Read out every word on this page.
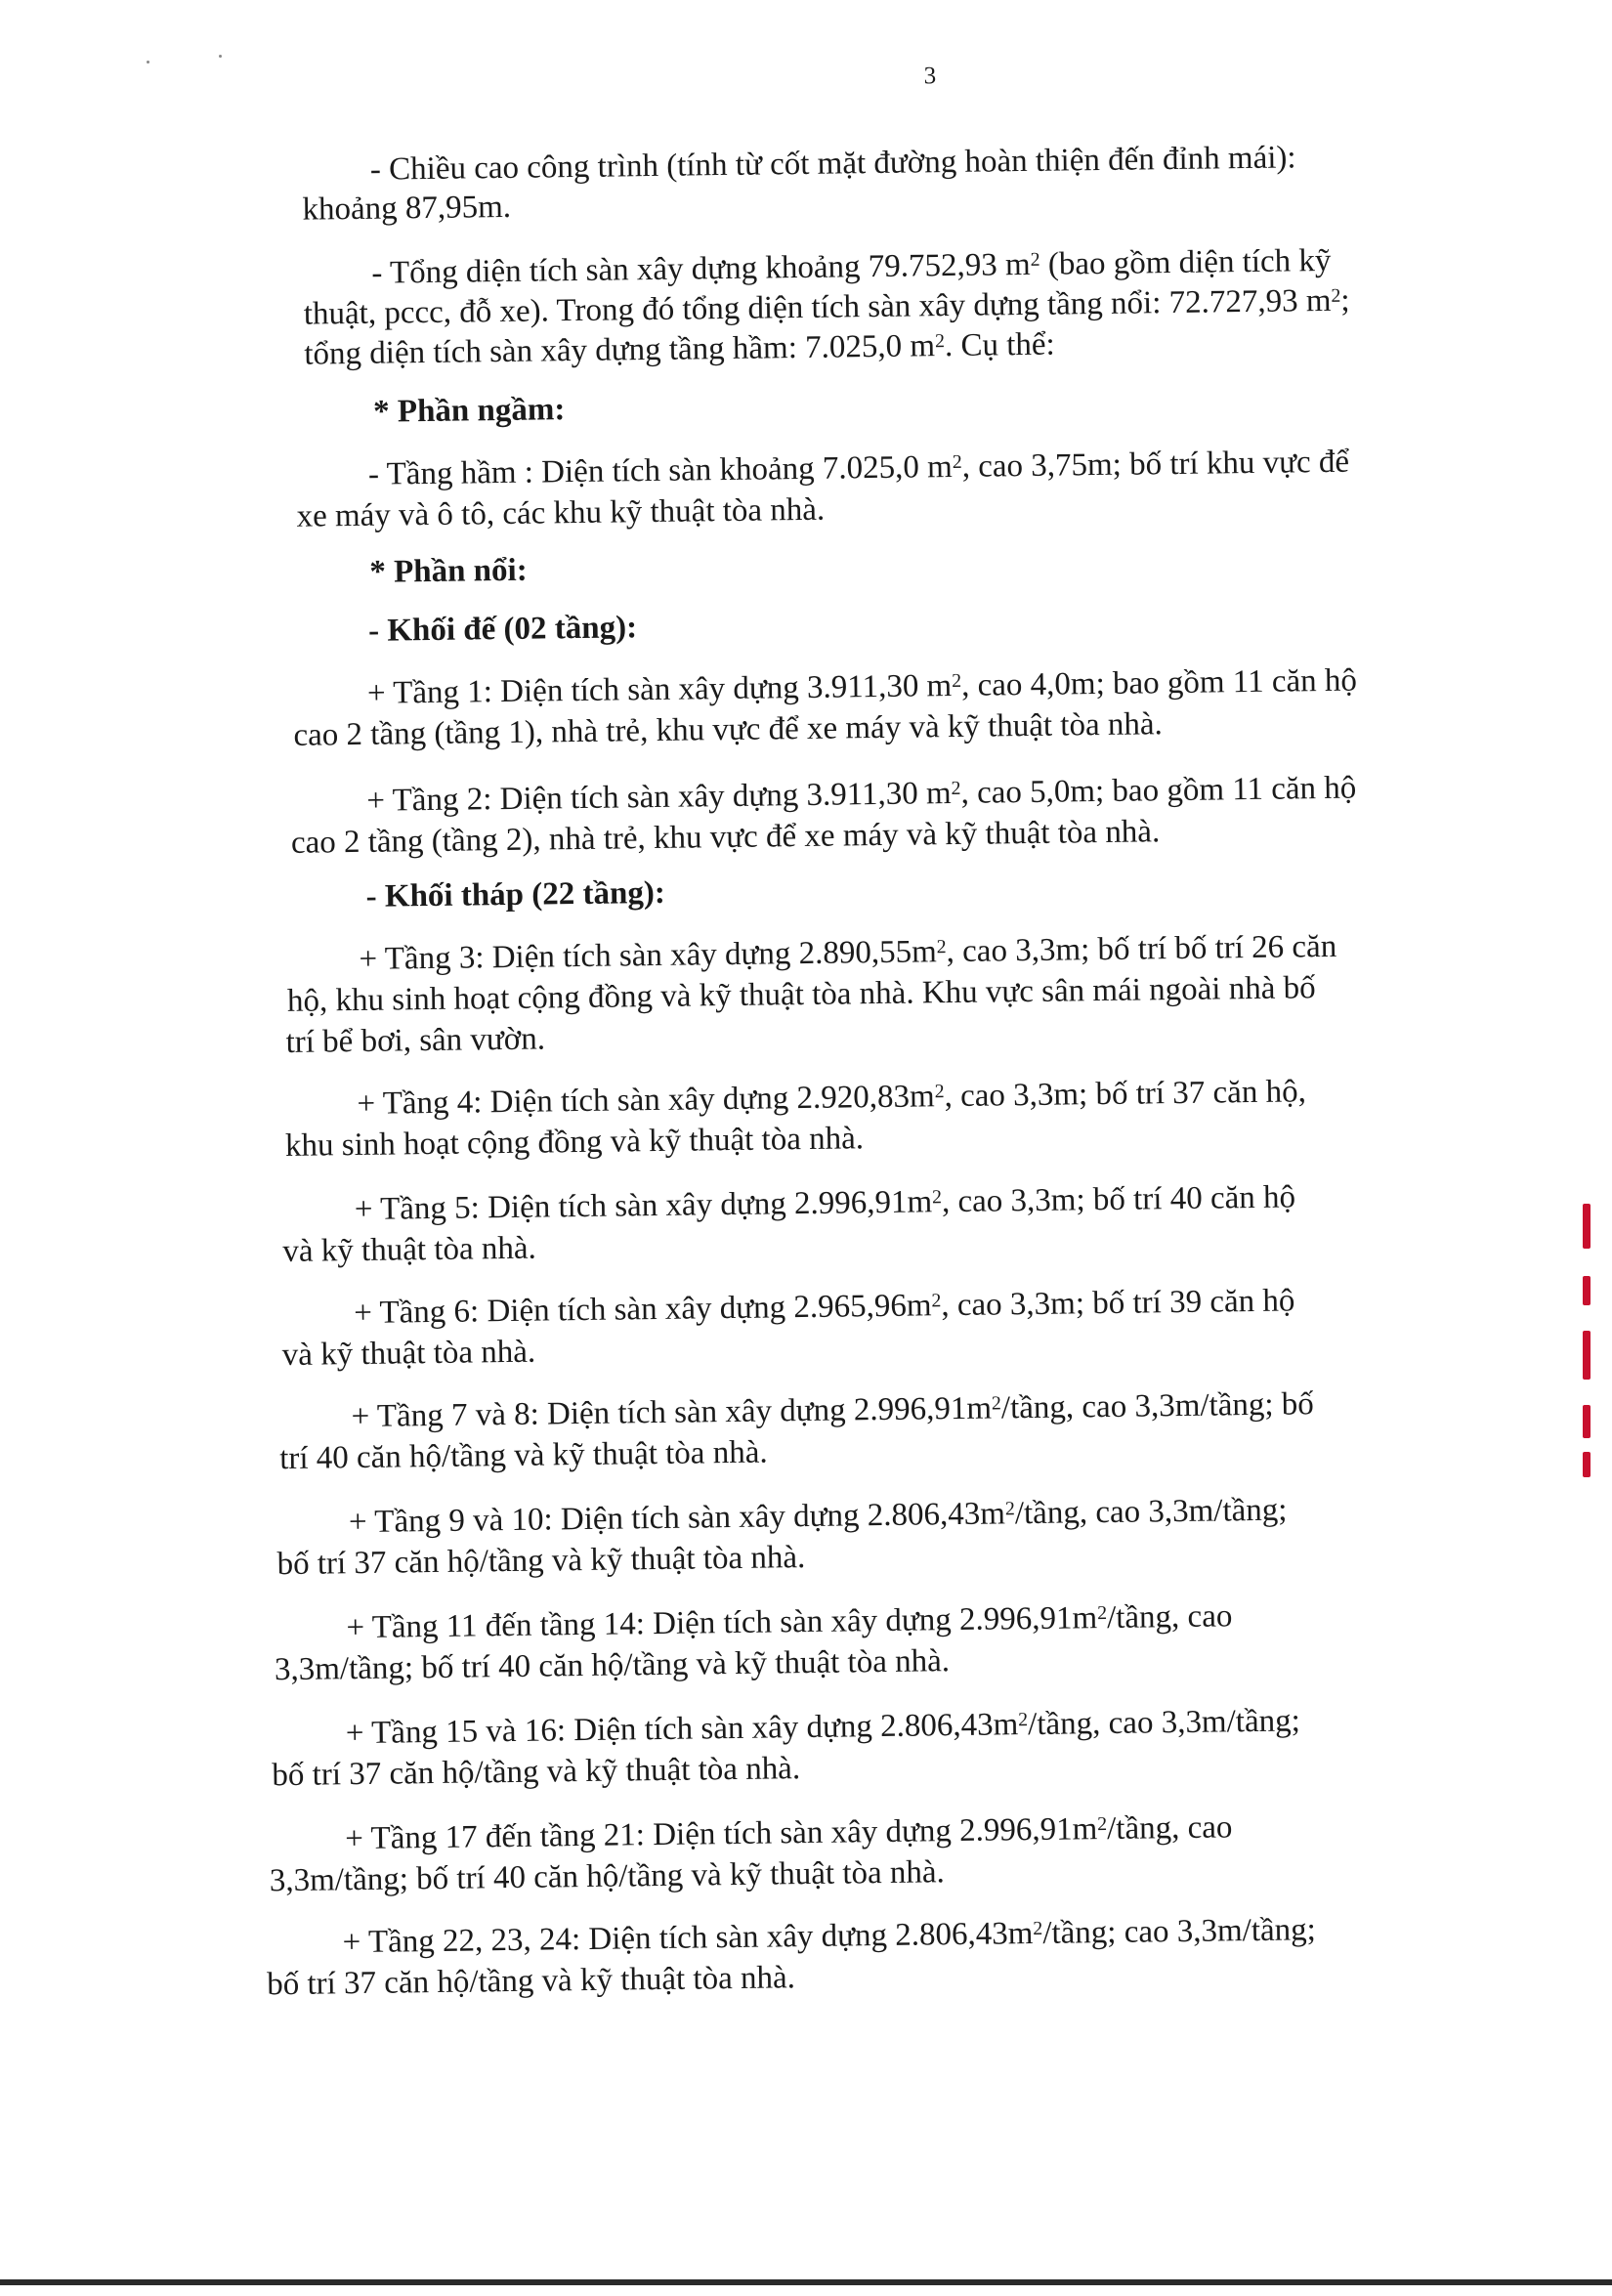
3
- Chiều cao công trình (tính từ cốt mặt đường hoàn thiện đến đỉnh mái):
khoảng 87,95m.
- Tổng diện tích sàn xây dựng khoảng 79.752,93 $m^2$ (bao gồm diện tích kỹ
thuật, pccc, đỗ xe). Trong đó tổng diện tích sàn xây dựng tầng nổi: 72.727,93 $m^2$;
tổng diện tích sàn xây dựng tầng hầm: 7.025,0 $m^2$. Cụ thể:
* Phần ngầm:
- Tầng hầm : Diện tích sàn khoảng 7.025,0 $m^2$, cao 3,75m; bố trí khu vực để
xe máy và ô tô, các khu kỹ thuật tòa nhà.
* Phần nổi:
- Khối đế (02 tầng):
+ Tầng 1: Diện tích sàn xây dựng 3.911,30 $m^2$, cao 4,0m; bao gồm 11 căn hộ
cao 2 tầng (tầng 1), nhà trẻ, khu vực để xe máy và kỹ thuật tòa nhà.
+ Tầng 2: Diện tích sàn xây dựng 3.911,30 $m^2$, cao 5,0m; bao gồm 11 căn hộ
cao 2 tầng (tầng 2), nhà trẻ, khu vực để xe máy và kỹ thuật tòa nhà.
- Khối tháp (22 tầng):
+ Tầng 3: Diện tích sàn xây dựng $2.890,55m^2$, cao 3,3m; bố trí bố trí 26 căn
hộ, khu sinh hoạt cộng đồng và kỹ thuật tòa nhà. Khu vực sân mái ngoài nhà bố
trí bể bơi, sân vườn.
+ Tầng 4: Diện tích sàn xây dựng $2.920,83m^2$, cao 3,3m; bố trí 37 căn hộ,
khu sinh hoạt cộng đồng và kỹ thuật tòa nhà.
+ Tầng 5: Diện tích sàn xây dựng $2.996,91m^2$, cao 3,3m; bố trí 40 căn hộ
và kỹ thuật tòa nhà.
+ Tầng 6: Diện tích sàn xây dựng $2.965,96m^2$, cao 3,3m; bố trí 39 căn hộ
và kỹ thuật tòa nhà.
+ Tầng 7 và 8: Diện tích sàn xây dựng $2.996,91m^2$/tầng, cao 3,3m/tầng; bố
trí 40 căn hộ/tầng và kỹ thuật tòa nhà.
+ Tầng 9 và 10: Diện tích sàn xây dựng $2.806,43m^2$/tầng, cao 3,3m/tầng;
bố trí 37 căn hộ/tầng và kỹ thuật tòa nhà.
+ Tầng 11 đến tầng 14: Diện tích sàn xây dựng $2.996,91m^2$/tầng, cao
3,3m/tầng; bố trí 40 căn hộ/tầng và kỹ thuật tòa nhà.
+ Tầng 15 và 16: Diện tích sàn xây dựng $2.806,43m^2$/tầng, cao 3,3m/tầng;
bố trí 37 căn hộ/tầng và kỹ thuật tòa nhà.
+ Tầng 17 đến tầng 21: Diện tích sàn xây dựng $2.996,91m^2$/tầng, cao
3,3m/tầng; bố trí 40 căn hộ/tầng và kỹ thuật tòa nhà.
+ Tầng 22, 23, 24: Diện tích sàn xây dựng $2.806,43m^2$/tầng; cao 3,3m/tầng;
bố trí 37 căn hộ/tầng và kỹ thuật tòa nhà.
